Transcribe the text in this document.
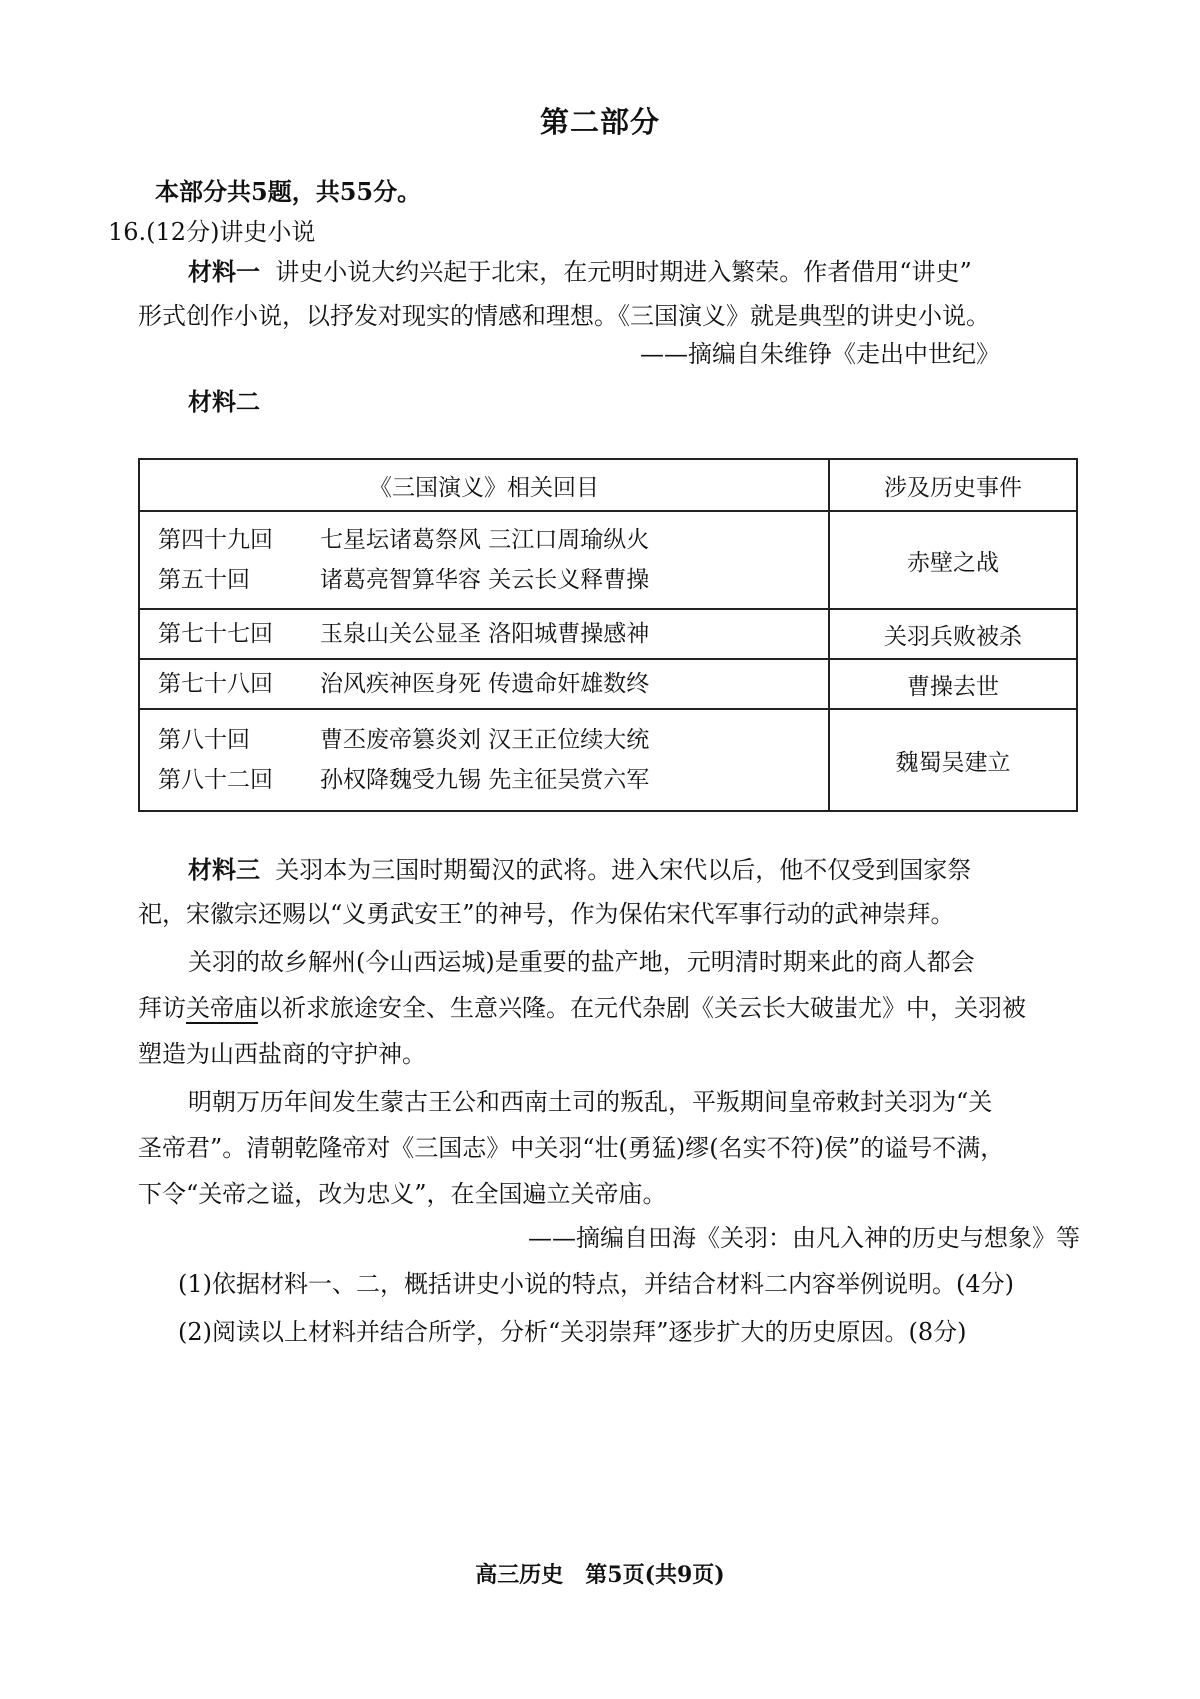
第二部分
本部分共5题，共55分。
16.(12分)讲史小说
材料一 讲史小说大约兴起于北宋，在元明时期进入繁荣。作者借用“讲史”
形式创作小说，以抒发对现实的情感和理想。《三国演义》就是典型的讲史小说。
——摘编自朱维铮《走出中世纪》
材料二
《三国演义》相关回目	涉及历史事件

第四十九回 七星坛诸葛祭风 三江口周瑜纵火
第五十回 诸葛亮智算华容 关云长义释曹操	赤壁之战

第七十七回 玉泉山关公显圣 洛阳城曹操感神	关羽兵败被杀

第七十八回 治风疾神医身死 传遗命奸雄数终	曹操去世

第八十回 曹丕废帝篡炎刘 汉王正位续大统
第八十二回 孙权降魏受九锡 先主征吴赏六军	魏蜀吴建立
材料三 关羽本为三国时期蜀汉的武将。进入宋代以后，他不仅受到国家祭
祀，宋徽宗还赐以“义勇武安王”的神号，作为保佑宋代军事行动的武神崇拜。
关羽的故乡解州(今山西运城)是重要的盐产地，元明清时期来此的商人都会
拜访关帝庙以祈求旅途安全、生意兴隆。在元代杂剧《关云长大破蚩尤》中，关羽被
塑造为山西盐商的守护神。
明朝万历年间发生蒙古王公和西南土司的叛乱，平叛期间皇帝敕封关羽为“关
圣帝君”。清朝乾隆帝对《三国志》中关羽“壮(勇猛)缪(名实不符)侯”的谥号不满，
下令“关帝之谥，改为忠义”，在全国遍立关帝庙。
——摘编自田海《关羽：由凡入神的历史与想象》等
(1)依据材料一、二，概括讲史小说的特点，并结合材料二内容举例说明。(4分)
(2)阅读以上材料并结合所学，分析“关羽崇拜”逐步扩大的历史原因。(8分)
高三历史　第5页(共9页)
